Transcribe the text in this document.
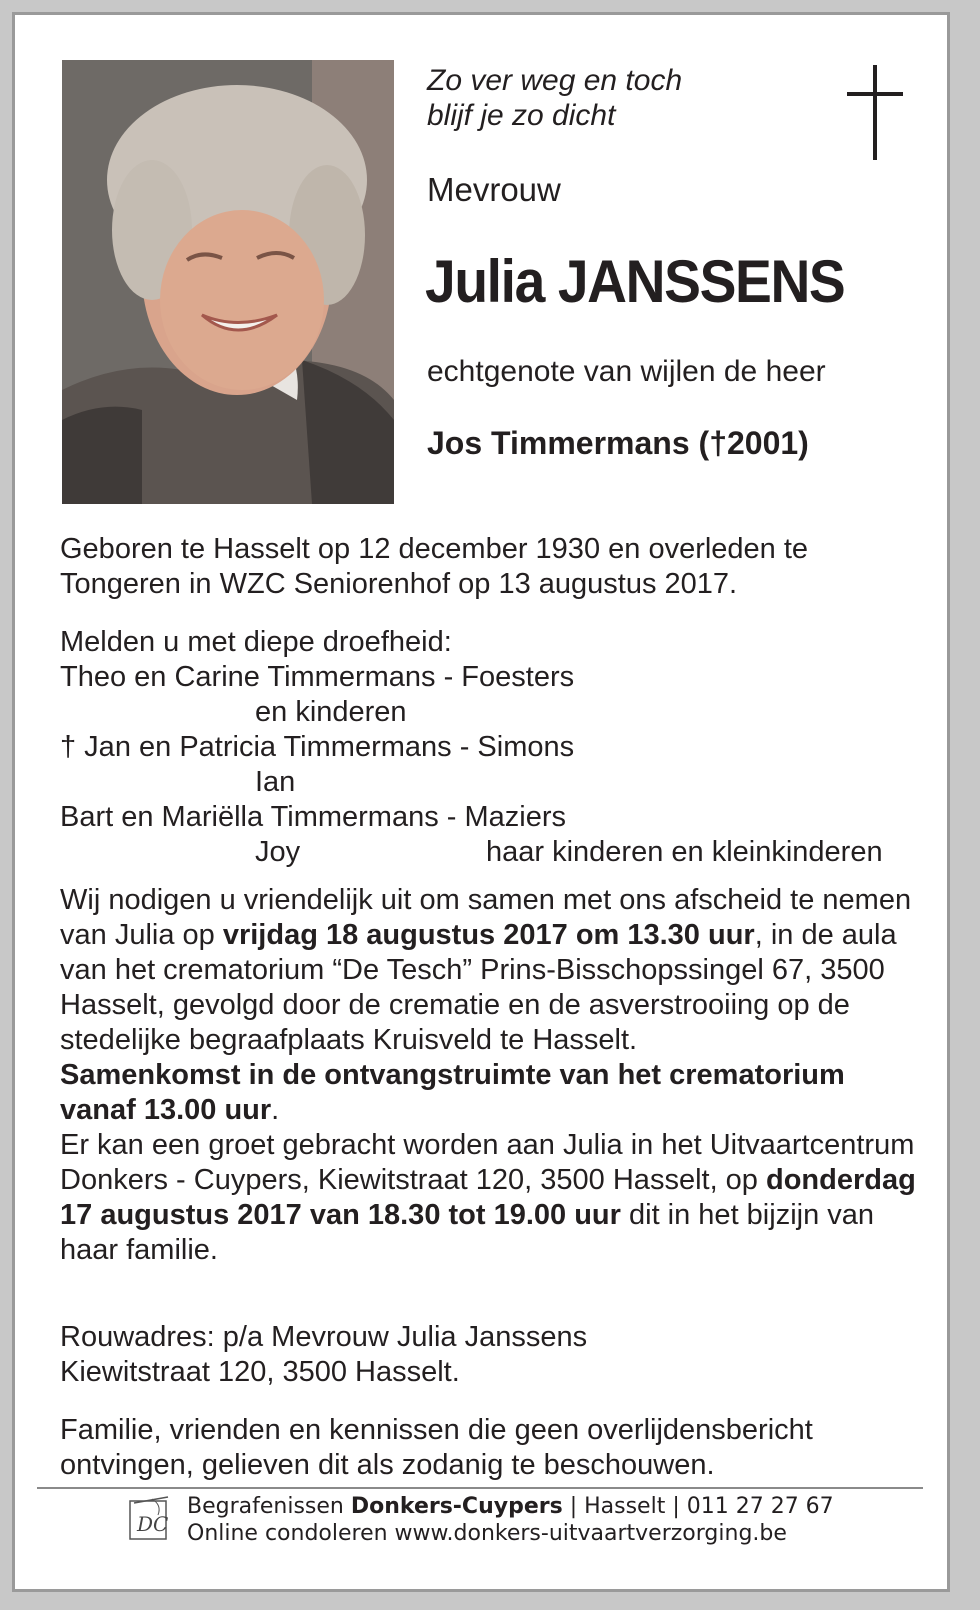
Zo ver weg en toch
blijf je zo dicht
Mevrouw
Julia JANSSENS
echtgenote van wijlen de heer
Jos Timmermans (†2001)
Geboren te Hasselt op 12 december 1930 en overleden te Tongeren in WZC Seniorenhof op 13 augustus 2017.
Melden u met diepe droefheid:
Theo en Carine Timmermans - Foesters
en kinderen
† Jan en Patricia Timmermans - Simons
Ian
Bart en Mariëlla Timmermans - Maziers
Joy	haar kinderen en kleinkinderen
Wij nodigen u vriendelijk uit om samen met ons afscheid te nemen van Julia op vrijdag 18 augustus 2017 om 13.30 uur, in de aula van het crematorium “De Tesch” Prins-Bisschopssingel 67, 3500 Hasselt, gevolgd door de crematie en de asverstrooiing op de stedelijke begraafplaats Kruisveld te Hasselt.
Samenkomst in de ontvangstruimte van het crematorium vanaf 13.00 uur.
Er kan een groet gebracht worden aan Julia in het Uitvaartcentrum Donkers - Cuypers, Kiewitstraat 120, 3500 Hasselt, op donderdag 17 augustus 2017 van 18.30 tot 19.00 uur dit in het bijzijn van haar familie.
Rouwadres: p/a Mevrouw Julia Janssens
Kiewitstraat 120, 3500 Hasselt.
Familie, vrienden en kennissen die geen overlijdensbericht
ontvingen, gelieven dit als zodanig te beschouwen.
DC
Begrafenissen Donkers-Cuypers | Hasselt | 011 27 27 67
Online condoleren www.donkers-uitvaartverzorging.be
